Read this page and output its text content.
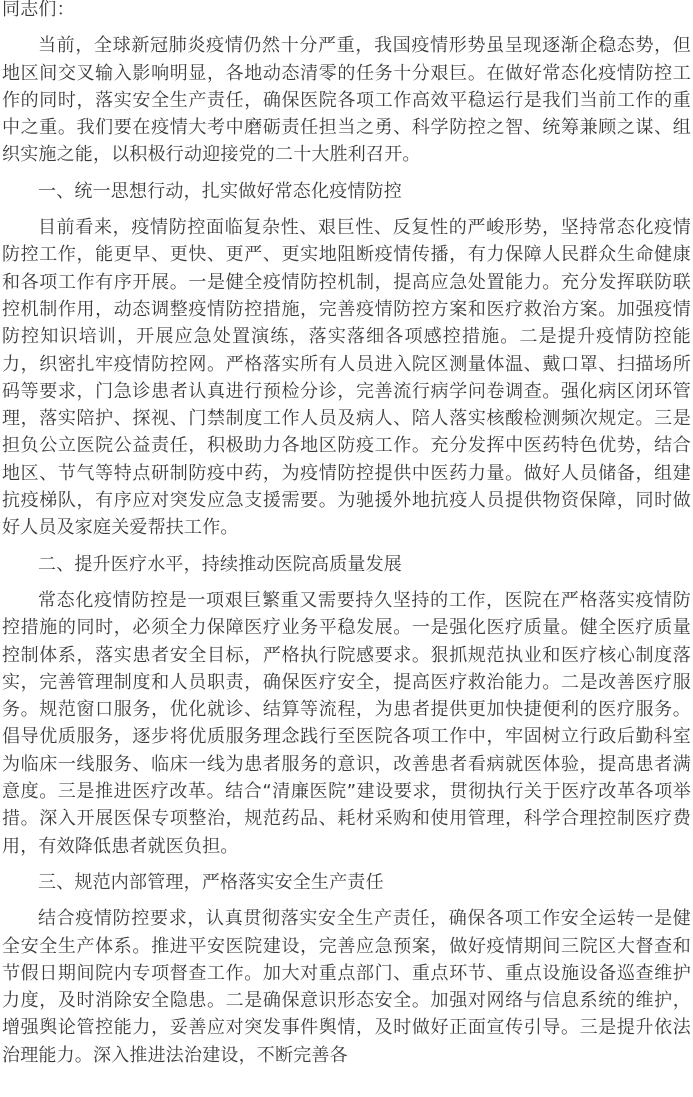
同志们：

当前，全球新冠肺炎疫情仍然十分严重，我国疫情形势虽呈现逐渐企稳态势，但地区间交叉输入影响明显，各地动态清零的任务十分艰巨。在做好常态化疫情防控工作的同时，落实安全生产责任，确保医院各项工作高效平稳运行是我们当前工作的重中之重。我们要在疫情大考中磨砺责任担当之勇、科学防控之智、统筹兼顾之谋、组织实施之能，以积极行动迎接党的二十大胜利召开。

一、统一思想行动，扎实做好常态化疫情防控

目前看来，疫情防控面临复杂性、艰巨性、反复性的严峻形势，坚持常态化疫情防控工作，能更早、更快、更严、更实地阻断疫情传播，有力保障人民群众生命健康和各项工作有序开展。一是健全疫情防控机制，提高应急处置能力。充分发挥联防联控机制作用，动态调整疫情防控措施，完善疫情防控方案和医疗救治方案。加强疫情防控知识培训，开展应急处置演练，落实落细各项感控措施。二是提升疫情防控能力，织密扎牢疫情防控网。严格落实所有人员进入院区测量体温、戴口罩、扫描场所码等要求，门急诊患者认真进行预检分诊，完善流行病学问卷调查。强化病区闭环管理，落实陪护、探视、门禁制度工作人员及病人、陪人落实核酸检测频次规定。三是担负公立医院公益责任，积极助力各地区防疫工作。充分发挥中医药特色优势，结合地区、节气等特点研制防疫中药，为疫情防控提供中医药力量。做好人员储备，组建抗疫梯队，有序应对突发应急支援需要。为驰援外地抗疫人员提供物资保障，同时做好人员及家庭关爱帮扶工作。

二、提升医疗水平，持续推动医院高质量发展

常态化疫情防控是一项艰巨繁重又需要持久坚持的工作，医院在严格落实疫情防控措施的同时，必须全力保障医疗业务平稳发展。一是强化医疗质量。健全医疗质量控制体系，落实患者安全目标，严格执行院感要求。狠抓规范执业和医疗核心制度落实，完善管理制度和人员职责，确保医疗安全，提高医疗救治能力。二是改善医疗服务。规范窗口服务，优化就诊、结算等流程，为患者提供更加快捷便利的医疗服务。倡导优质服务，逐步将优质服务理念践行至医院各项工作中，牢固树立行政后勤科室为临床一线服务、临床一线为患者服务的意识，改善患者看病就医体验，提高患者满意度。三是推进医疗改革。结合“清廉医院”建设要求，贯彻执行关于医疗改革各项举措。深入开展医保专项整治，规范药品、耗材采购和使用管理，科学合理控制医疗费用，有效降低患者就医负担。

三、规范内部管理，严格落实安全生产责任

结合疫情防控要求，认真贯彻落实安全生产责任，确保各项工作安全运转一是健全安全生产体系。推进平安医院建设，完善应急预案，做好疫情期间三院区大督查和节假日期间院内专项督查工作。加大对重点部门、重点环节、重点设施设备巡查维护力度，及时消除安全隐患。二是确保意识形态安全。加强对网络与信息系统的维护，增强舆论管控能力，妥善应对突发事件舆情，及时做好正面宣传引导。三是提升依法治理能力。深入推进法治建设，不断完善各
